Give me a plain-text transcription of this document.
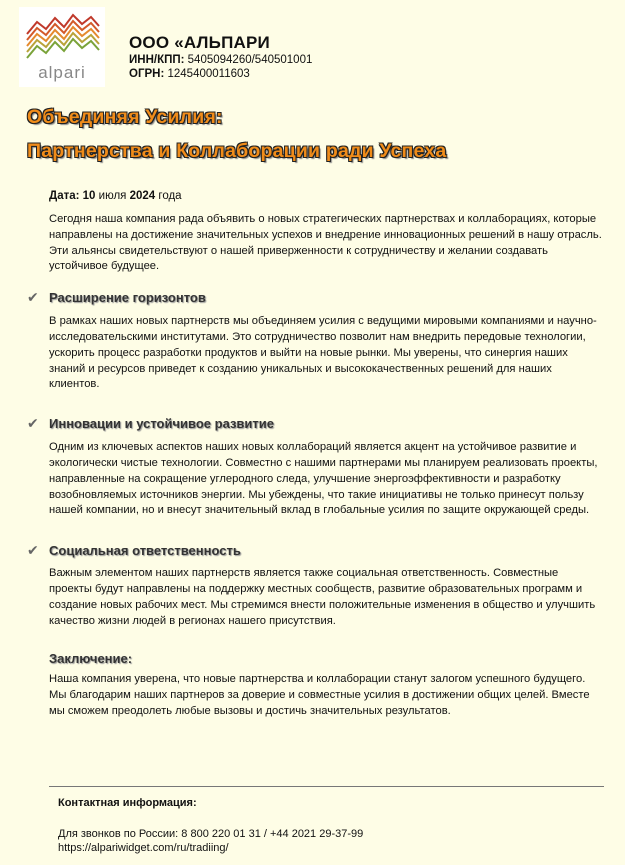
alpari
ООО «АЛЬПАРИ
ИНН/КПП: 5405094260/540501001
ОГРН: 1245400011603
Объединяя Усилия:
Партнерства и Коллаборации ради Успеха
Дата: 10 июля 2024 года

Сегодня наша компания рада объявить о новых стратегических партнерствах и коллаборациях, которые направлены на достижение значительных успехов и внедрение инновационных решений в нашу отрасль. Эти альянсы свидетельствуют о нашей приверженности к сотрудничеству и желании создавать устойчивое будущее.

✔ Расширение горизонтов

В рамках наших новых партнерств мы объединяем усилия с ведущими мировыми компаниями и научно-исследовательскими институтами. Это сотрудничество позволит нам внедрить передовые технологии, ускорить процесс разработки продуктов и выйти на новые рынки. Мы уверены, что синергия наших знаний и ресурсов приведет к созданию уникальных и высококачественных решений для наших клиентов.

✔ Инновации и устойчивое развитие

Одним из ключевых аспектов наших новых коллабораций является акцент на устойчивое развитие и экологически чистые технологии. Совместно с нашими партнерами мы планируем реализовать проекты, направленные на сокращение углеродного следа, улучшение энергоэффективности и разработку возобновляемых источников энергии. Мы убеждены, что такие инициативы не только принесут пользу нашей компании, но и внесут значительный вклад в глобальные усилия по защите окружающей среды.

✔ Социальная ответственность

Важным элементом наших партнерств является также социальная ответственность. Совместные проекты будут направлены на поддержку местных сообществ, развитие образовательных программ и создание новых рабочих мест. Мы стремимся внести положительные изменения в общество и улучшить качество жизни людей в регионах нашего присутствия.

Заключение:

Наша компания уверена, что новые партнерства и коллаборации станут залогом успешного будущего. Мы благодарим наших партнеров за доверие и совместные усилия в достижении общих целей. Вместе мы сможем преодолеть любые вызовы и достичь значительных результатов.

Контактная информация:
Для звонков по России: 8 800 220 01 31 / +44 2021 29-37-99
https://alpariwidget.com/ru/tradiing/
